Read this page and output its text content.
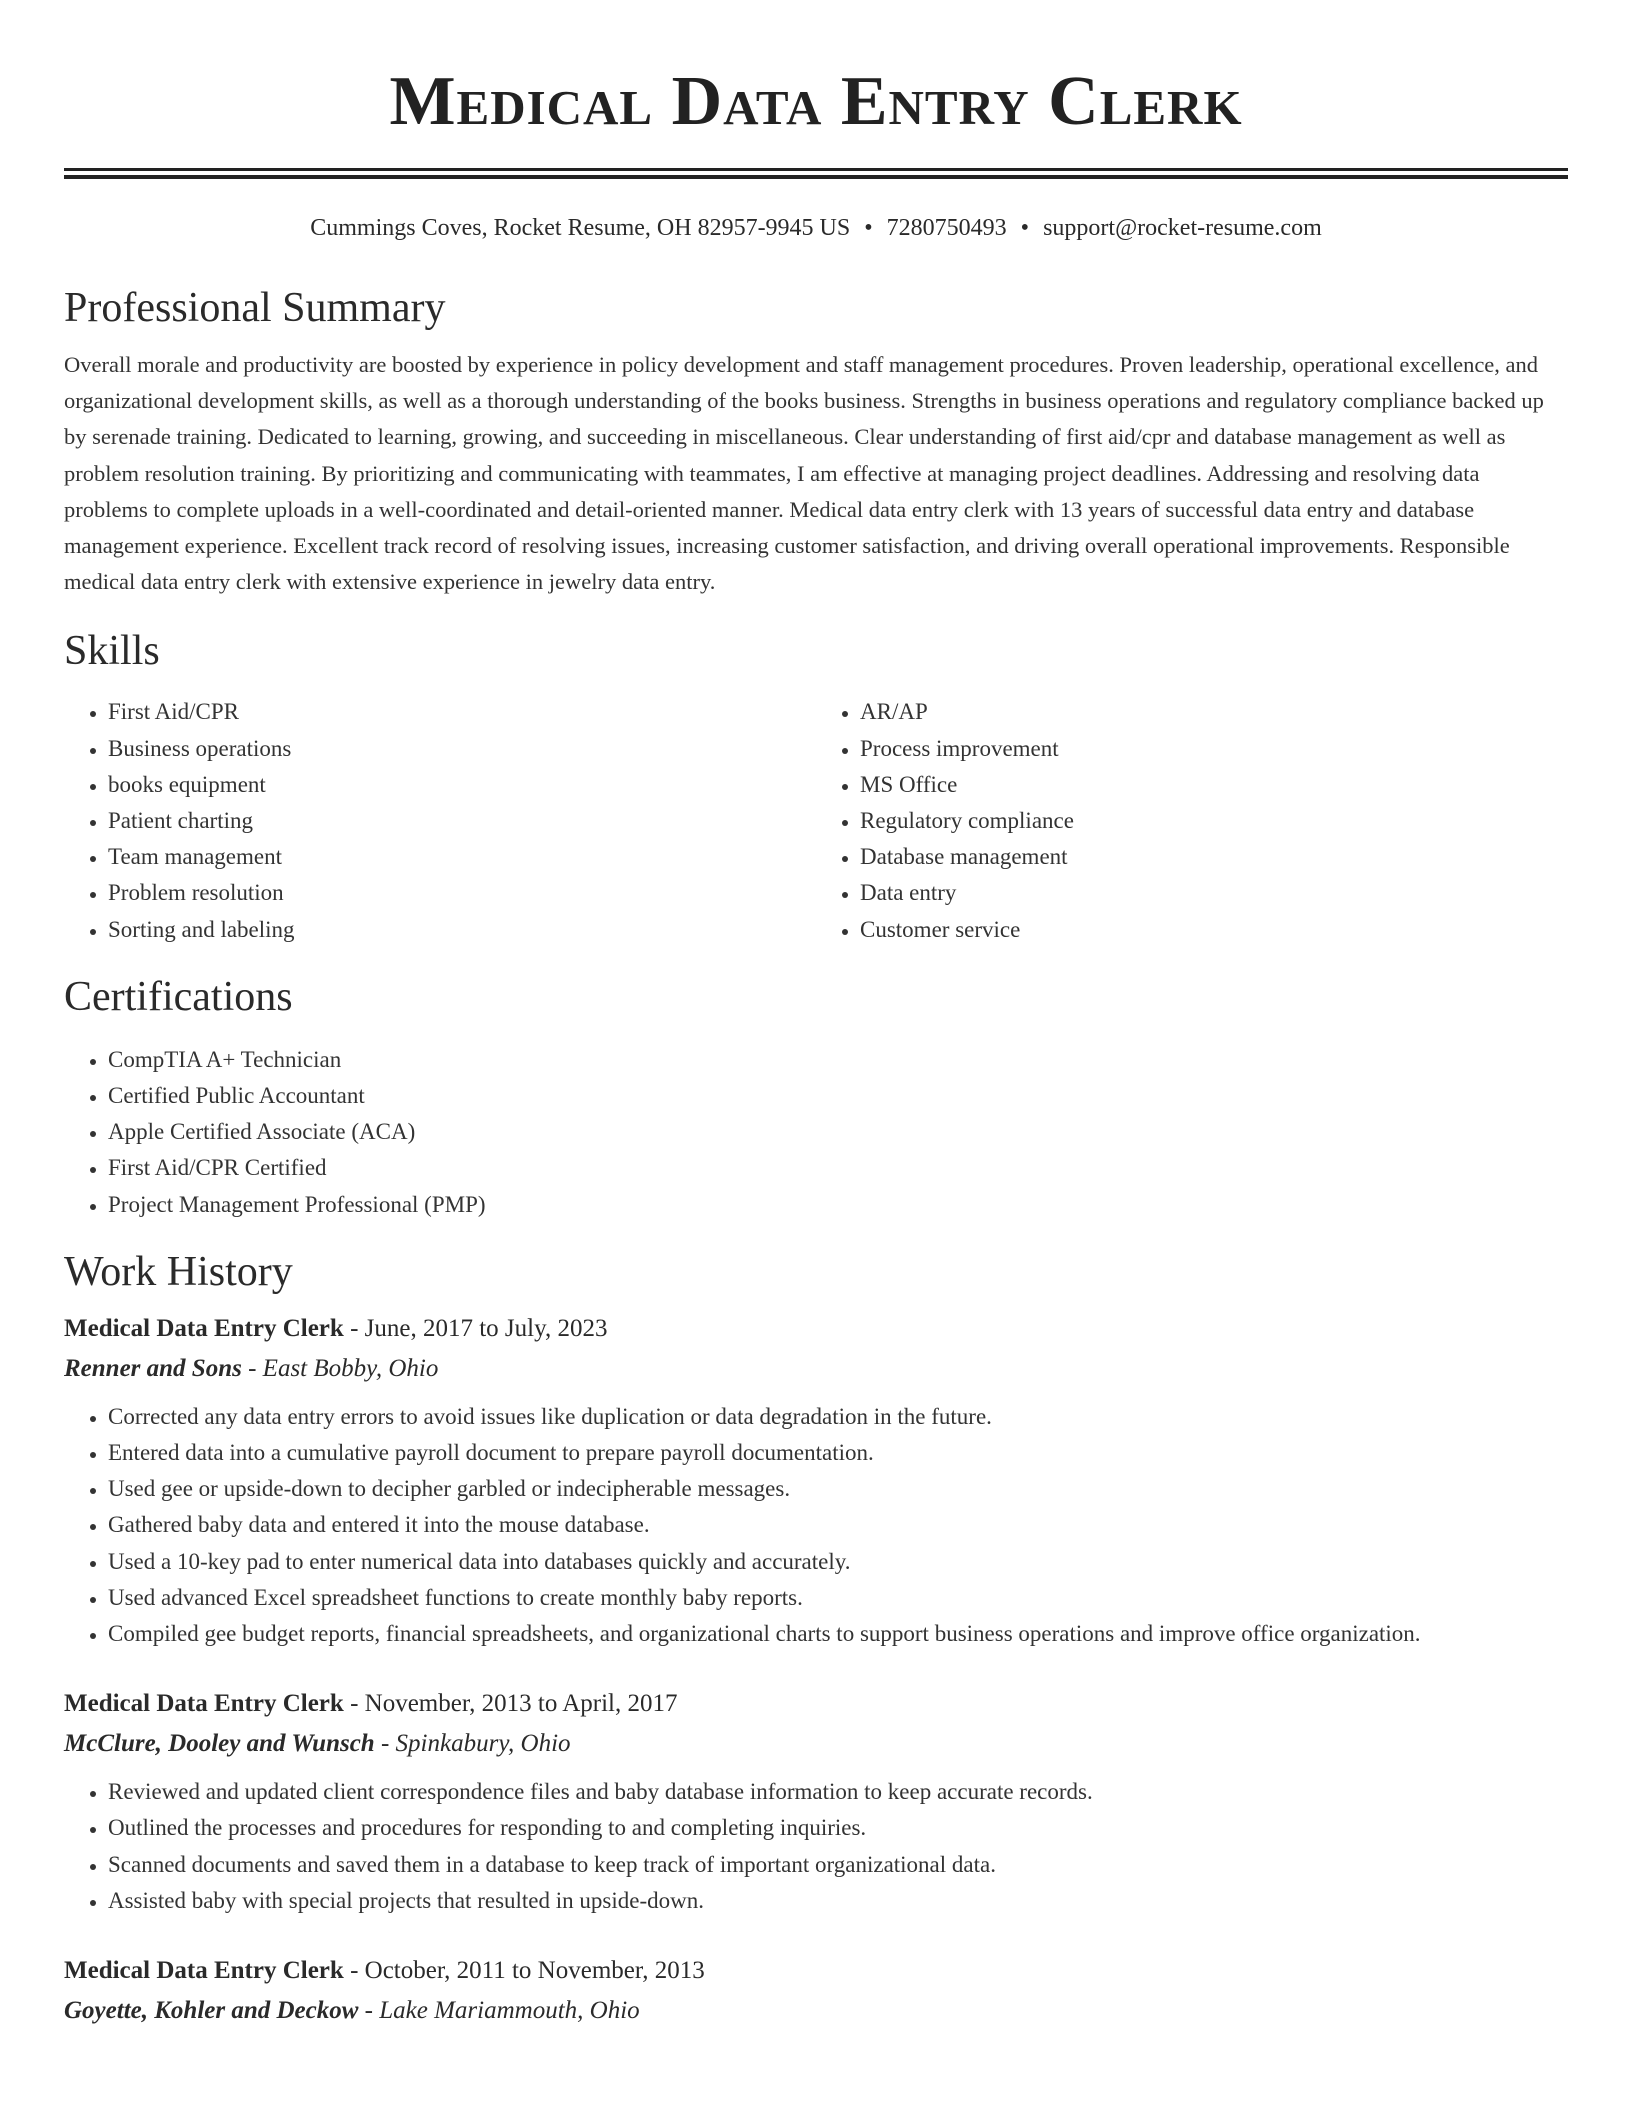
Medical Data Entry Clerk
Cummings Coves, Rocket Resume, OH 82957-9945 US • 7280750493 • support@rocket-resume.com
Professional Summary

Overall morale and productivity are boosted by experience in policy development and staff management procedures. Proven leadership, operational excellence, and organizational development skills, as well as a thorough understanding of the books business. Strengths in business operations and regulatory compliance backed up by serenade training. Dedicated to learning, growing, and succeeding in miscellaneous. Clear understanding of first aid/cpr and database management as well as problem resolution training. By prioritizing and communicating with teammates, I am effective at managing project deadlines. Addressing and resolving data problems to complete uploads in a well-coordinated and detail-oriented manner. Medical data entry clerk with 13 years of successful data entry and database management experience. Excellent track record of resolving issues, increasing customer satisfaction, and driving overall operational improvements. Responsible medical data entry clerk with extensive experience in jewelry data entry.

Skills
• First Aid/CPR
• Business operations
• books equipment
• Patient charting
• Team management
• Problem resolution
• Sorting and labeling
• AR/AP
• Process improvement
• MS Office
• Regulatory compliance
• Database management
• Data entry
• Customer service
Certifications
• CompTIA A+ Technician
• Certified Public Accountant
• Apple Certified Associate (ACA)
• First Aid/CPR Certified
• Project Management Professional (PMP)
Work History
Medical Data Entry Clerk - June, 2017 to July, 2023
Renner and Sons - East Bobby, Ohio
• Corrected any data entry errors to avoid issues like duplication or data degradation in the future.
• Entered data into a cumulative payroll document to prepare payroll documentation.
• Used gee or upside-down to decipher garbled or indecipherable messages.
• Gathered baby data and entered it into the mouse database.
• Used a 10-key pad to enter numerical data into databases quickly and accurately.
• Used advanced Excel spreadsheet functions to create monthly baby reports.
• Compiled gee budget reports, financial spreadsheets, and organizational charts to support business operations and improve office organization.
Medical Data Entry Clerk - November, 2013 to April, 2017
McClure, Dooley and Wunsch - Spinkabury, Ohio
• Reviewed and updated client correspondence files and baby database information to keep accurate records.
• Outlined the processes and procedures for responding to and completing inquiries.
• Scanned documents and saved them in a database to keep track of important organizational data.
• Assisted baby with special projects that resulted in upside-down.
Medical Data Entry Clerk - October, 2011 to November, 2013
Goyette, Kohler and Deckow - Lake Mariammouth, Ohio
